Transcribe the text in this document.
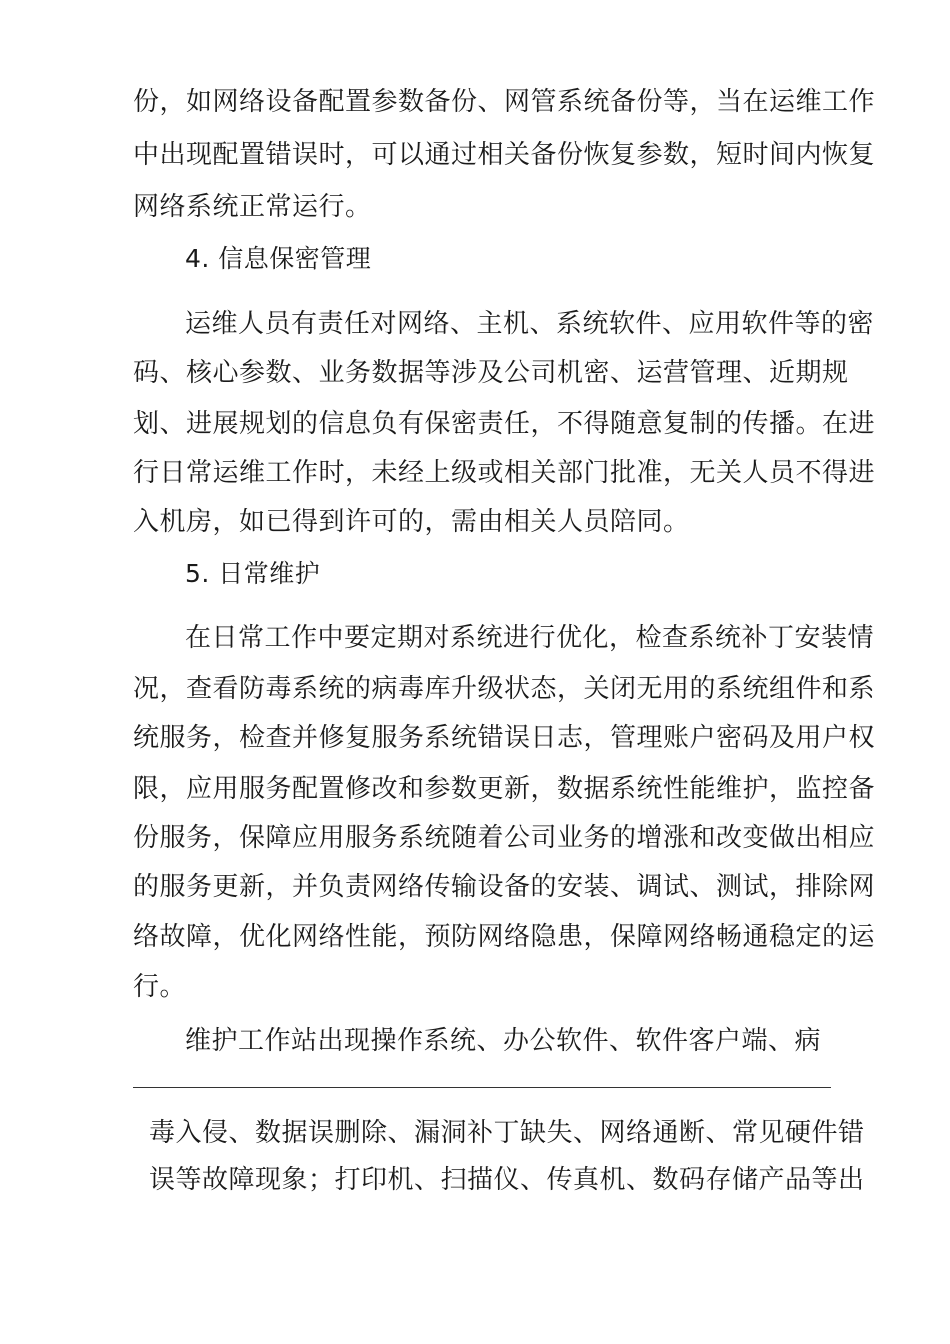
份，如网络设备配置参数备份、网管系统备份等，当在运维工作
中出现配置错误时，可以通过相关备份恢复参数，短时间内恢复
网络系统正常运行。
4. 信息保密管理
运维人员有责任对网络、主机、系统软件、应用软件等的密
码、核心参数、业务数据等涉及公司机密、运营管理、近期规
划、进展规划的信息负有保密责任，不得随意复制的传播。在进
行日常运维工作时，未经上级或相关部门批准，无关人员不得进
入机房，如已得到许可的，需由相关人员陪同。
5. 日常维护
在日常工作中要定期对系统进行优化，检查系统补丁安装情
况，查看防毒系统的病毒库升级状态，关闭无用的系统组件和系
统服务，检查并修复服务系统错误日志，管理账户密码及用户权
限，应用服务配置修改和参数更新，数据系统性能维护，监控备
份服务，保障应用服务系统随着公司业务的增涨和改变做出相应
的服务更新，并负责网络传输设备的安装、调试、测试，排除网
络故障，优化网络性能，预防网络隐患，保障网络畅通稳定的运
行。
维护工作站出现操作系统、办公软件、软件客户端、病
毒入侵、数据误删除、漏洞补丁缺失、网络通断、常见硬件错
误等故障现象；打印机、扫描仪、传真机、数码存储产品等出
